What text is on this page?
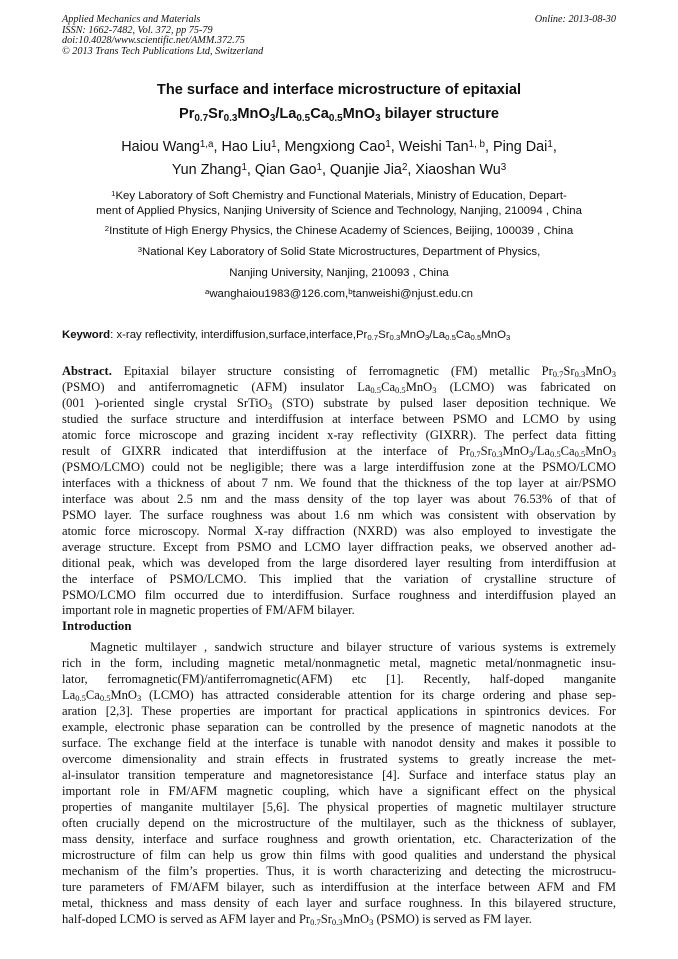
Applied Mechanics and Materials
ISSN: 1662-7482, Vol. 372, pp 75-79
doi:10.4028/www.scientific.net/AMM.372.75
© 2013 Trans Tech Publications Ltd, Switzerland
Online: 2013-08-30
The surface and interface microstructure of epitaxial
$Pr_{0.7}Sr_{0.3}MnO_3/La_{0.5}Ca_{0.5}MnO_3$ bilayer structure
Haiou Wang$^{1,a}$, Hao Liu$^1$, Mengxiong Cao$^1$, Weishi Tan$^{1, b}$, Ping Dai$^1$,
Yun Zhang$^1$, Qian Gao$^1$, Quanjie Jia$^2$, Xiaoshan Wu$^3$
$^1$Key Laboratory of Soft Chemistry and Functional Materials, Ministry of Education, Depart-
ment of Applied Physics, Nanjing University of Science and Technology, Nanjing, 210094 , China
$^2$Institute of High Energy Physics, the Chinese Academy of Sciences, Beijing, 100039 , China
$^3$National Key Laboratory of Solid State Microstructures, Department of Physics,
Nanjing University, Nanjing, 210093 , China
$^a$wanghaiou1983@126.com,$^b$tanweishi@njust.edu.cn
Keyword: x-ray reflectivity, $interdiffusion,surface,interface,Pr_{0.7}Sr_{0.3}MnO_3/La_{0.5}Ca_{0.5}MnO_3$
Abstract. Epitaxial bilayer structure consisting of ferromagnetic (FM) metallic $Pr_{0.7}Sr_{0.3}MnO_3$
(PSMO) and antiferromagnetic (AFM) insulator $La_{0.5}Ca_{0.5}MnO_3$ (LCMO) was fabricated on
(001 )-oriented single crystal SrTiO$_3$ (STO) substrate by pulsed laser deposition technique. We
studied the surface structure and interdiffusion at interface between PSMO and LCMO by using
atomic force microscope and grazing incident x-ray reflectivity (GIXRR). The perfect data fitting
result of GIXRR indicated that interdiffusion at the interface of $Pr_{0.7}Sr_{0.3}MnO_3/La_{0.5}Ca_{0.5}MnO_3$
(PSMO/LCMO) could not be negligible; there was a large interdiffusion zone at the PSMO/LCMO
interfaces with a thickness of about 7 nm. We found that the thickness of the top layer at air/PSMO
interface was about 2.5 nm and the mass density of the top layer was about 76.53% of that of
PSMO layer. The surface roughness was about 1.6 nm which was consistent with observation by
atomic force microscopy. Normal X-ray diffraction (NXRD) was also employed to investigate the
average structure. Except from PSMO and LCMO layer diffraction peaks, we observed another ad-
ditional peak, which was developed from the large disordered layer resulting from interdiffusion at
the interface of PSMO/LCMO. This implied that the variation of crystalline structure of
PSMO/LCMO film occurred due to interdiffusion. Surface roughness and interdiffusion played an
important role in magnetic properties of FM/AFM bilayer.
Introduction
Magnetic multilayer , sandwich structure and bilayer structure of various systems is extremely
rich in the form, including magnetic metal/nonmagnetic metal, magnetic metal/nonmagnetic insu-
lator, ferromagnetic(FM)/antiferromagnetic(AFM) etc [1]. Recently, half-doped manganite
$La_{0.5}Ca_{0.5}MnO_3$ (LCMO) has attracted considerable attention for its charge ordering and phase sep-
aration [2,3]. These properties are important for practical applications in spintronics devices. For
example, electronic phase separation can be controlled by the presence of magnetic nanodots at the
surface. The exchange field at the interface is tunable with nanodot density and makes it possible to
overcome dimensionality and strain effects in frustrated systems to greatly increase the met-
al-insulator transition temperature and magnetoresistance [4]. Surface and interface status play an
important role in FM/AFM magnetic coupling, which have a significant effect on the physical
properties of manganite multilayer [5,6]. The physical properties of magnetic multilayer structure
often crucially depend on the microstructure of the multilayer, such as the thickness of sublayer,
mass density, interface and surface roughness and growth orientation, etc. Characterization of the
microstructure of film can help us grow thin films with good qualities and understand the physical
mechanism of the film’s properties. Thus, it is worth characterizing and detecting the microstrucu-
ture parameters of FM/AFM bilayer, such as interdiffusion at the interface between AFM and FM
metal, thickness and mass density of each layer and surface roughness. In this bilayered structure,
half-doped LCMO is served as AFM layer and $Pr_{0.7}Sr_{0.3}MnO_3$ (PSMO) is served as FM layer.
